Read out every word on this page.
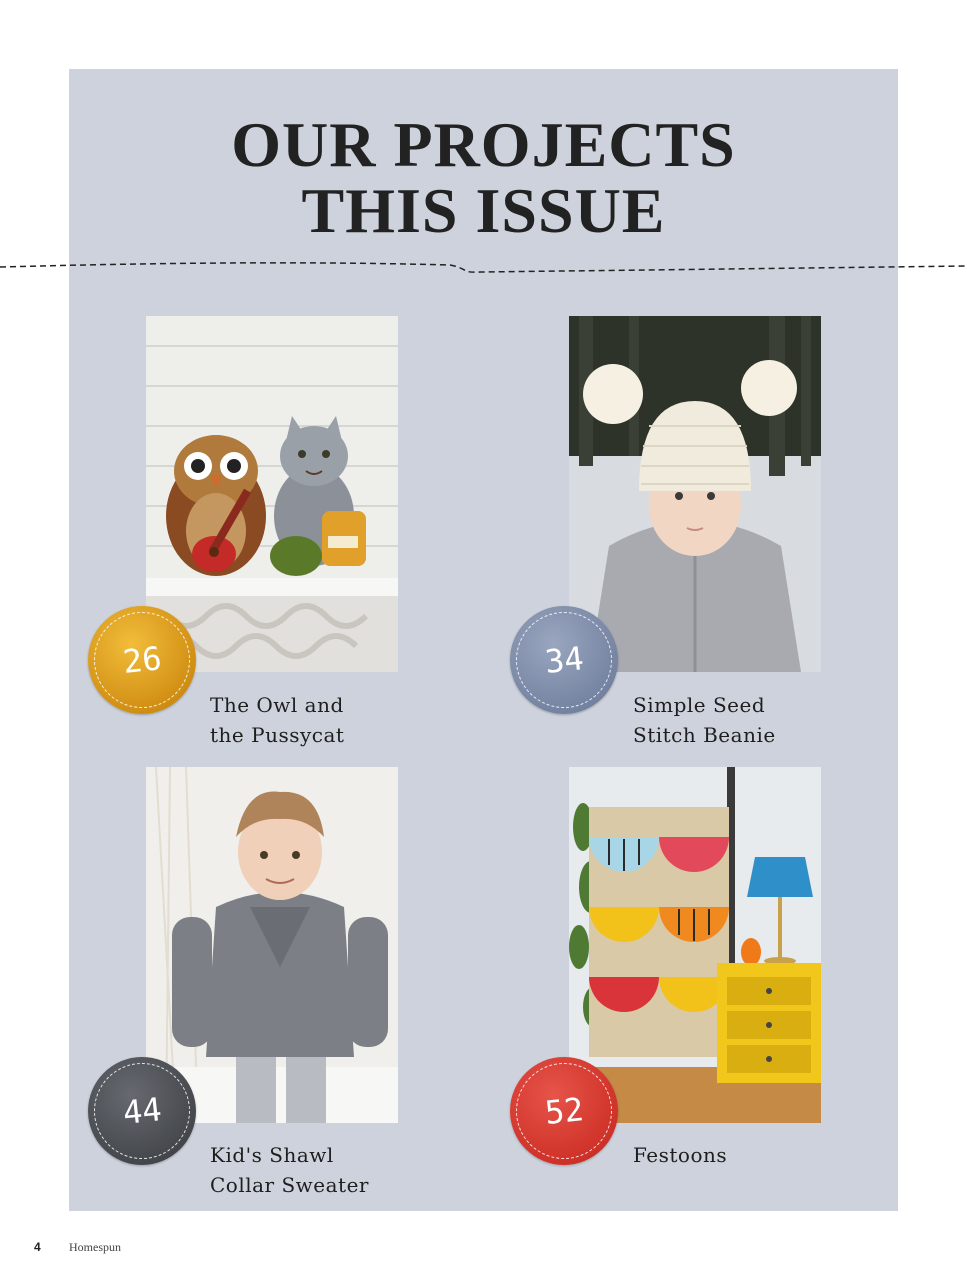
OUR PROJECTS
THIS ISSUE
26
The Owl and
the Pussycat
34
Simple Seed
Stitch Beanie
44
Kid's Shawl
Collar Sweater
52
Festoons
4 Homespun
